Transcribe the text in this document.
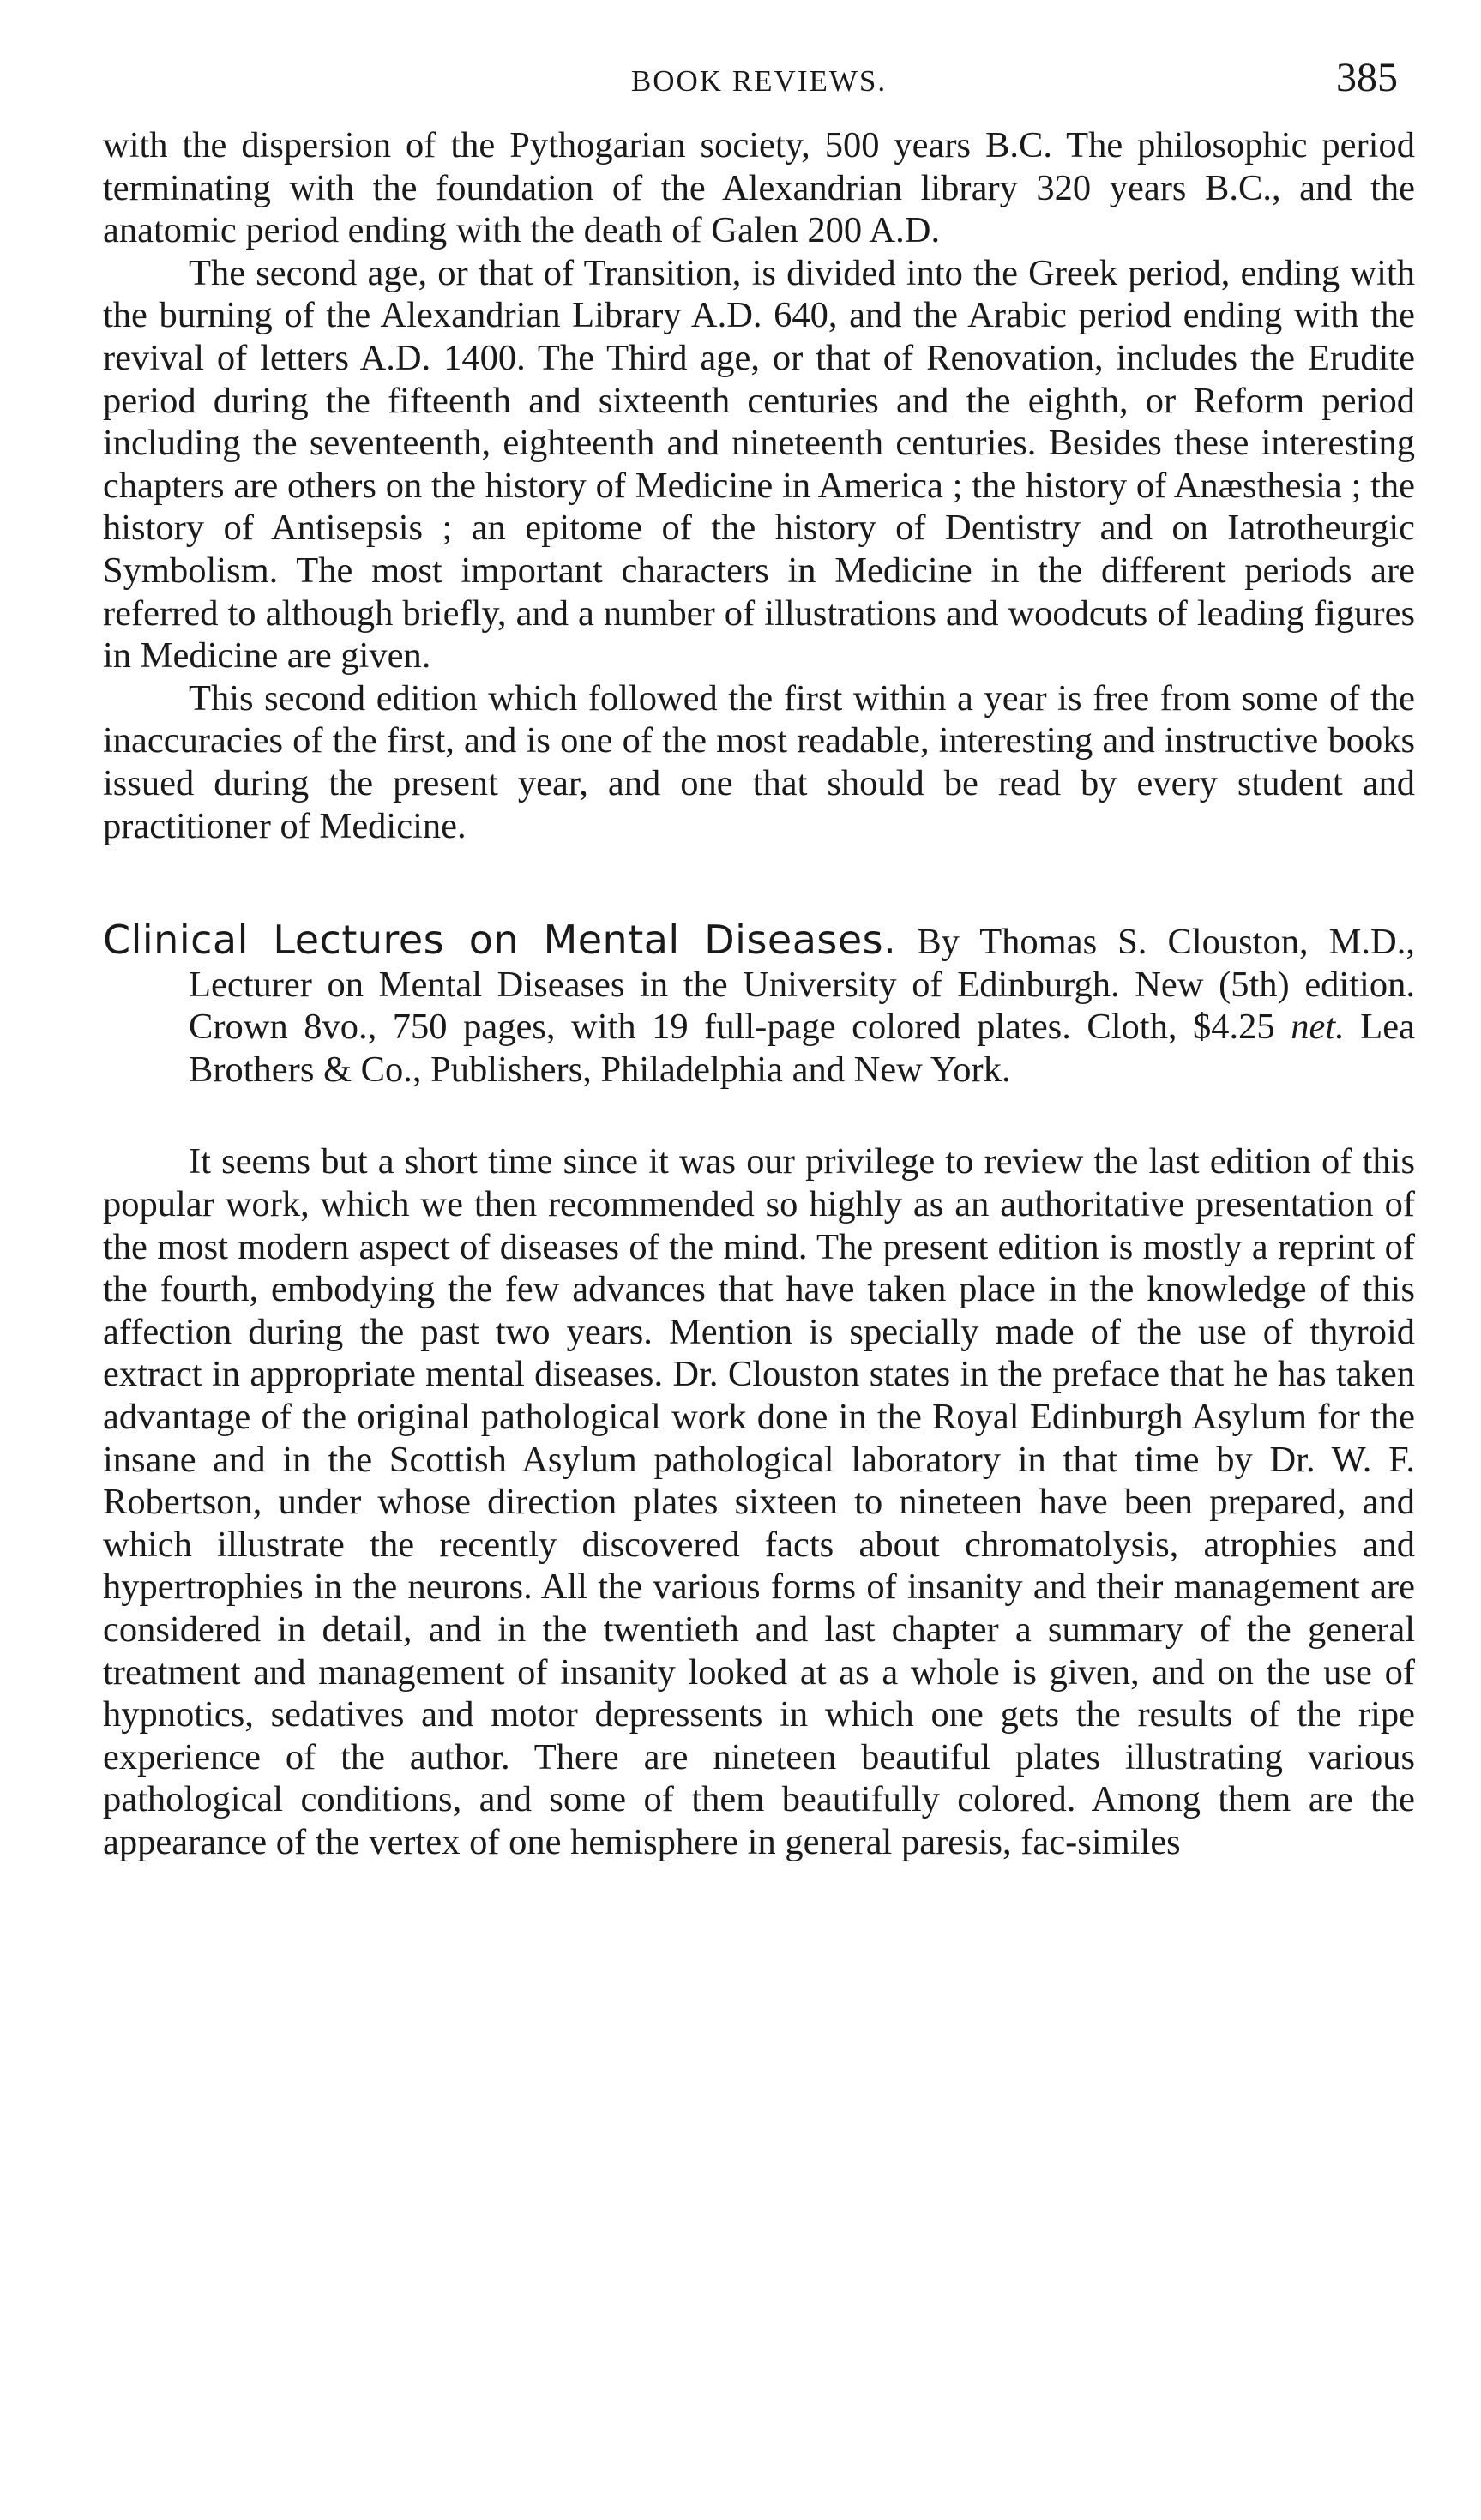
BOOK REVIEWS.	385

with the dispersion of the Pythogarian society, 500 years B.C. The philosophic period terminating with the foundation of the Alexandrian library 320 years B.C., and the anatomic period ending with the death of Galen 200 A.D.

The second age, or that of Transition, is divided into the Greek period, ending with the burning of the Alexandrian Library A.D. 640, and the Arabic period ending with the revival of letters A.D. 1400. The Third age, or that of Renovation, includes the Erudite period during the fifteenth and sixteenth centuries and the eighth, or Reform period including the seventeenth, eighteenth and nineteenth centuries. Besides these interesting chapters are others on the history of Medicine in America ; the history of Anæsthesia ; the history of Antisepsis ; an epitome of the history of Dentistry and on Iatrotheurgic Symbolism. The most important characters in Medicine in the different periods are referred to although briefly, and a number of illustrations and woodcuts of leading figures in Medicine are given.

This second edition which followed the first within a year is free from some of the inaccuracies of the first, and is one of the most readable, interesting and instructive books issued during the present year, and one that should be read by every student and practitioner of Medicine.

Clinical Lectures on Mental Diseases. By Thomas S. Clouston, M.D., Lecturer on Mental Diseases in the University of Edinburgh. New (5th) edition. Crown 8vo., 750 pages, with 19 full-page colored plates. Cloth, $4.25 net. Lea Brothers & Co., Publishers, Philadelphia and New York.

It seems but a short time since it was our privilege to review the last edition of this popular work, which we then recommended so highly as an authoritative presentation of the most modern aspect of diseases of the mind. The present edition is mostly a reprint of the fourth, embodying the few advances that have taken place in the knowledge of this affection during the past two years. Mention is specially made of the use of thyroid extract in appropriate mental diseases. Dr. Clouston states in the preface that he has taken advantage of the original pathological work done in the Royal Edinburgh Asylum for the insane and in the Scottish Asylum pathological laboratory in that time by Dr. W. F. Robertson, under whose direction plates sixteen to nineteen have been prepared, and which illustrate the recently discovered facts about chromatolysis, atrophies and hypertrophies in the neurons. All the various forms of insanity and their management are considered in detail, and in the twentieth and last chapter a summary of the general treatment and management of insanity looked at as a whole is given, and on the use of hypnotics, sedatives and motor depressents in which one gets the results of the ripe experience of the author. There are nineteen beautiful plates illustrating various pathological conditions, and some of them beautifully colored. Among them are the appearance of the vertex of one hemisphere in general paresis, fac-similes
